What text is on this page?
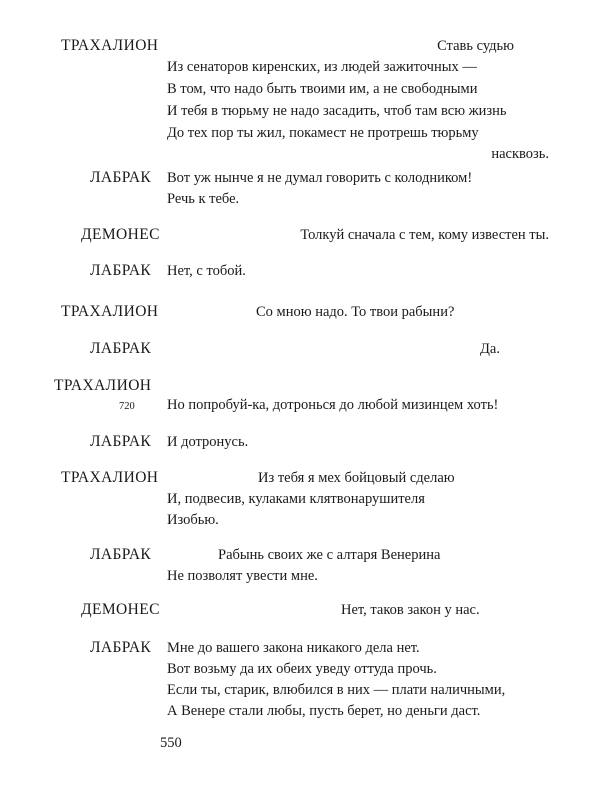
ТРАХАЛИОН	Ставь судью
Из сенаторов киренских, из людей зажиточных —
В том, что надо быть твоими им, а не свободными
И тебя в тюрьму не надо засадить, чтоб там всю жизнь
До тех пор ты жил, покамест не протрешь тюрьму
насквозь.
ЛАБРАК Вот уж нынче я не думал говорить с колодником!
Речь к тебе.
ДЕМОНЕС	Толкуй сначала с тем, кому известен ты.
ЛАБРАК Нет, с тобой.
ТРАХАЛИОН	Со мною надо. То твои рабыни?
ЛАБРАК	Да.
ТРАХАЛИОН
720 Но попробуй-ка, дотронься до любой мизинцем хоть!
ЛАБРАК И дотронусь.
ТРАХАЛИОН	Из тебя я мех бойцовый сделаю
И, подвесив, кулаками клятвонарушителя
Изобью.
ЛАБРАК	Рабынь своих же с алтаря Венерина
Не позволят увести мне.
ДЕМОНЕС	Нет, таков закон у нас.
ЛАБРАК Мне до вашего закона никакого дела нет.
Вот возьму да их обеих уведу оттуда прочь.
Если ты, старик, влюбился в них — плати наличными,
А Венере стали любы, пусть берет, но деньги даст.
550
